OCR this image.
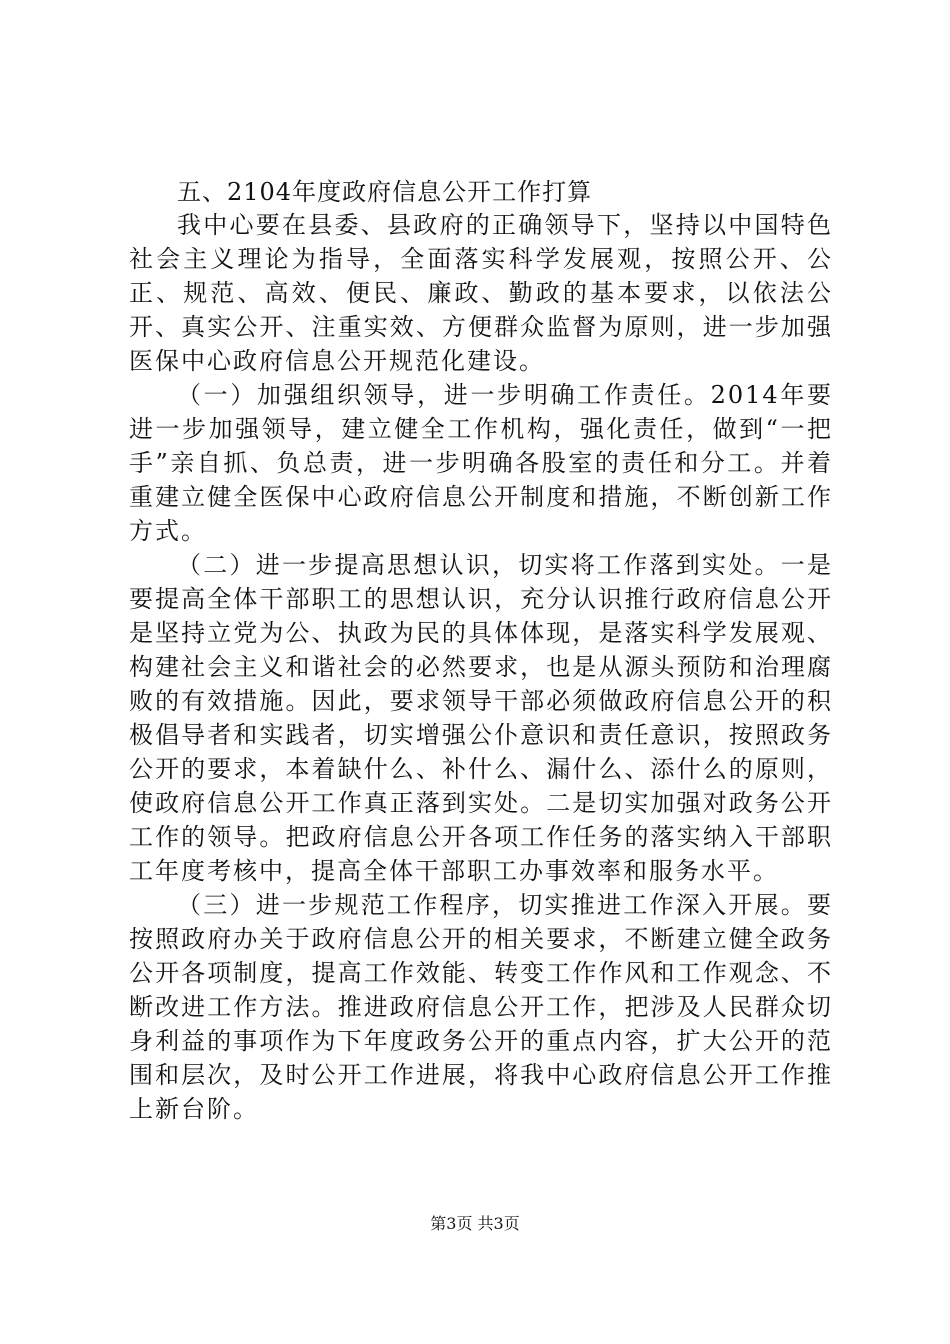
五、2104年度政府信息公开工作打算

我中心要在县委、县政府的正确领导下，坚持以中国特色社会主义理论为指导，全面落实科学发展观，按照公开、公正、规范、高效、便民、廉政、勤政的基本要求，以依法公开、真实公开、注重实效、方便群众监督为原则，进一步加强医保中心政府信息公开规范化建设。

（一）加强组织领导，进一步明确工作责任。2014年要进一步加强领导，建立健全工作机构，强化责任，做到“一把手”亲自抓、负总责，进一步明确各股室的责任和分工。并着重建立健全医保中心政府信息公开制度和措施，不断创新工作方式。

（二）进一步提高思想认识，切实将工作落到实处。一是要提高全体干部职工的思想认识，充分认识推行政府信息公开是坚持立党为公、执政为民的具体体现，是落实科学发展观、构建社会主义和谐社会的必然要求，也是从源头预防和治理腐败的有效措施。因此，要求领导干部必须做政府信息公开的积极倡导者和实践者，切实增强公仆意识和责任意识，按照政务公开的要求，本着缺什么、补什么、漏什么、添什么的原则，使政府信息公开工作真正落到实处。二是切实加强对政务公开工作的领导。把政府信息公开各项工作任务的落实纳入干部职工年度考核中，提高全体干部职工办事效率和服务水平。

（三）进一步规范工作程序，切实推进工作深入开展。要按照政府办关于政府信息公开的相关要求，不断建立健全政务公开各项制度，提高工作效能、转变工作作风和工作观念、不断改进工作方法。推进政府信息公开工作，把涉及人民群众切身利益的事项作为下年度政务公开的重点内容，扩大公开的范围和层次，及时公开工作进展，将我中心政府信息公开工作推上新台阶。

第3页 共3页
